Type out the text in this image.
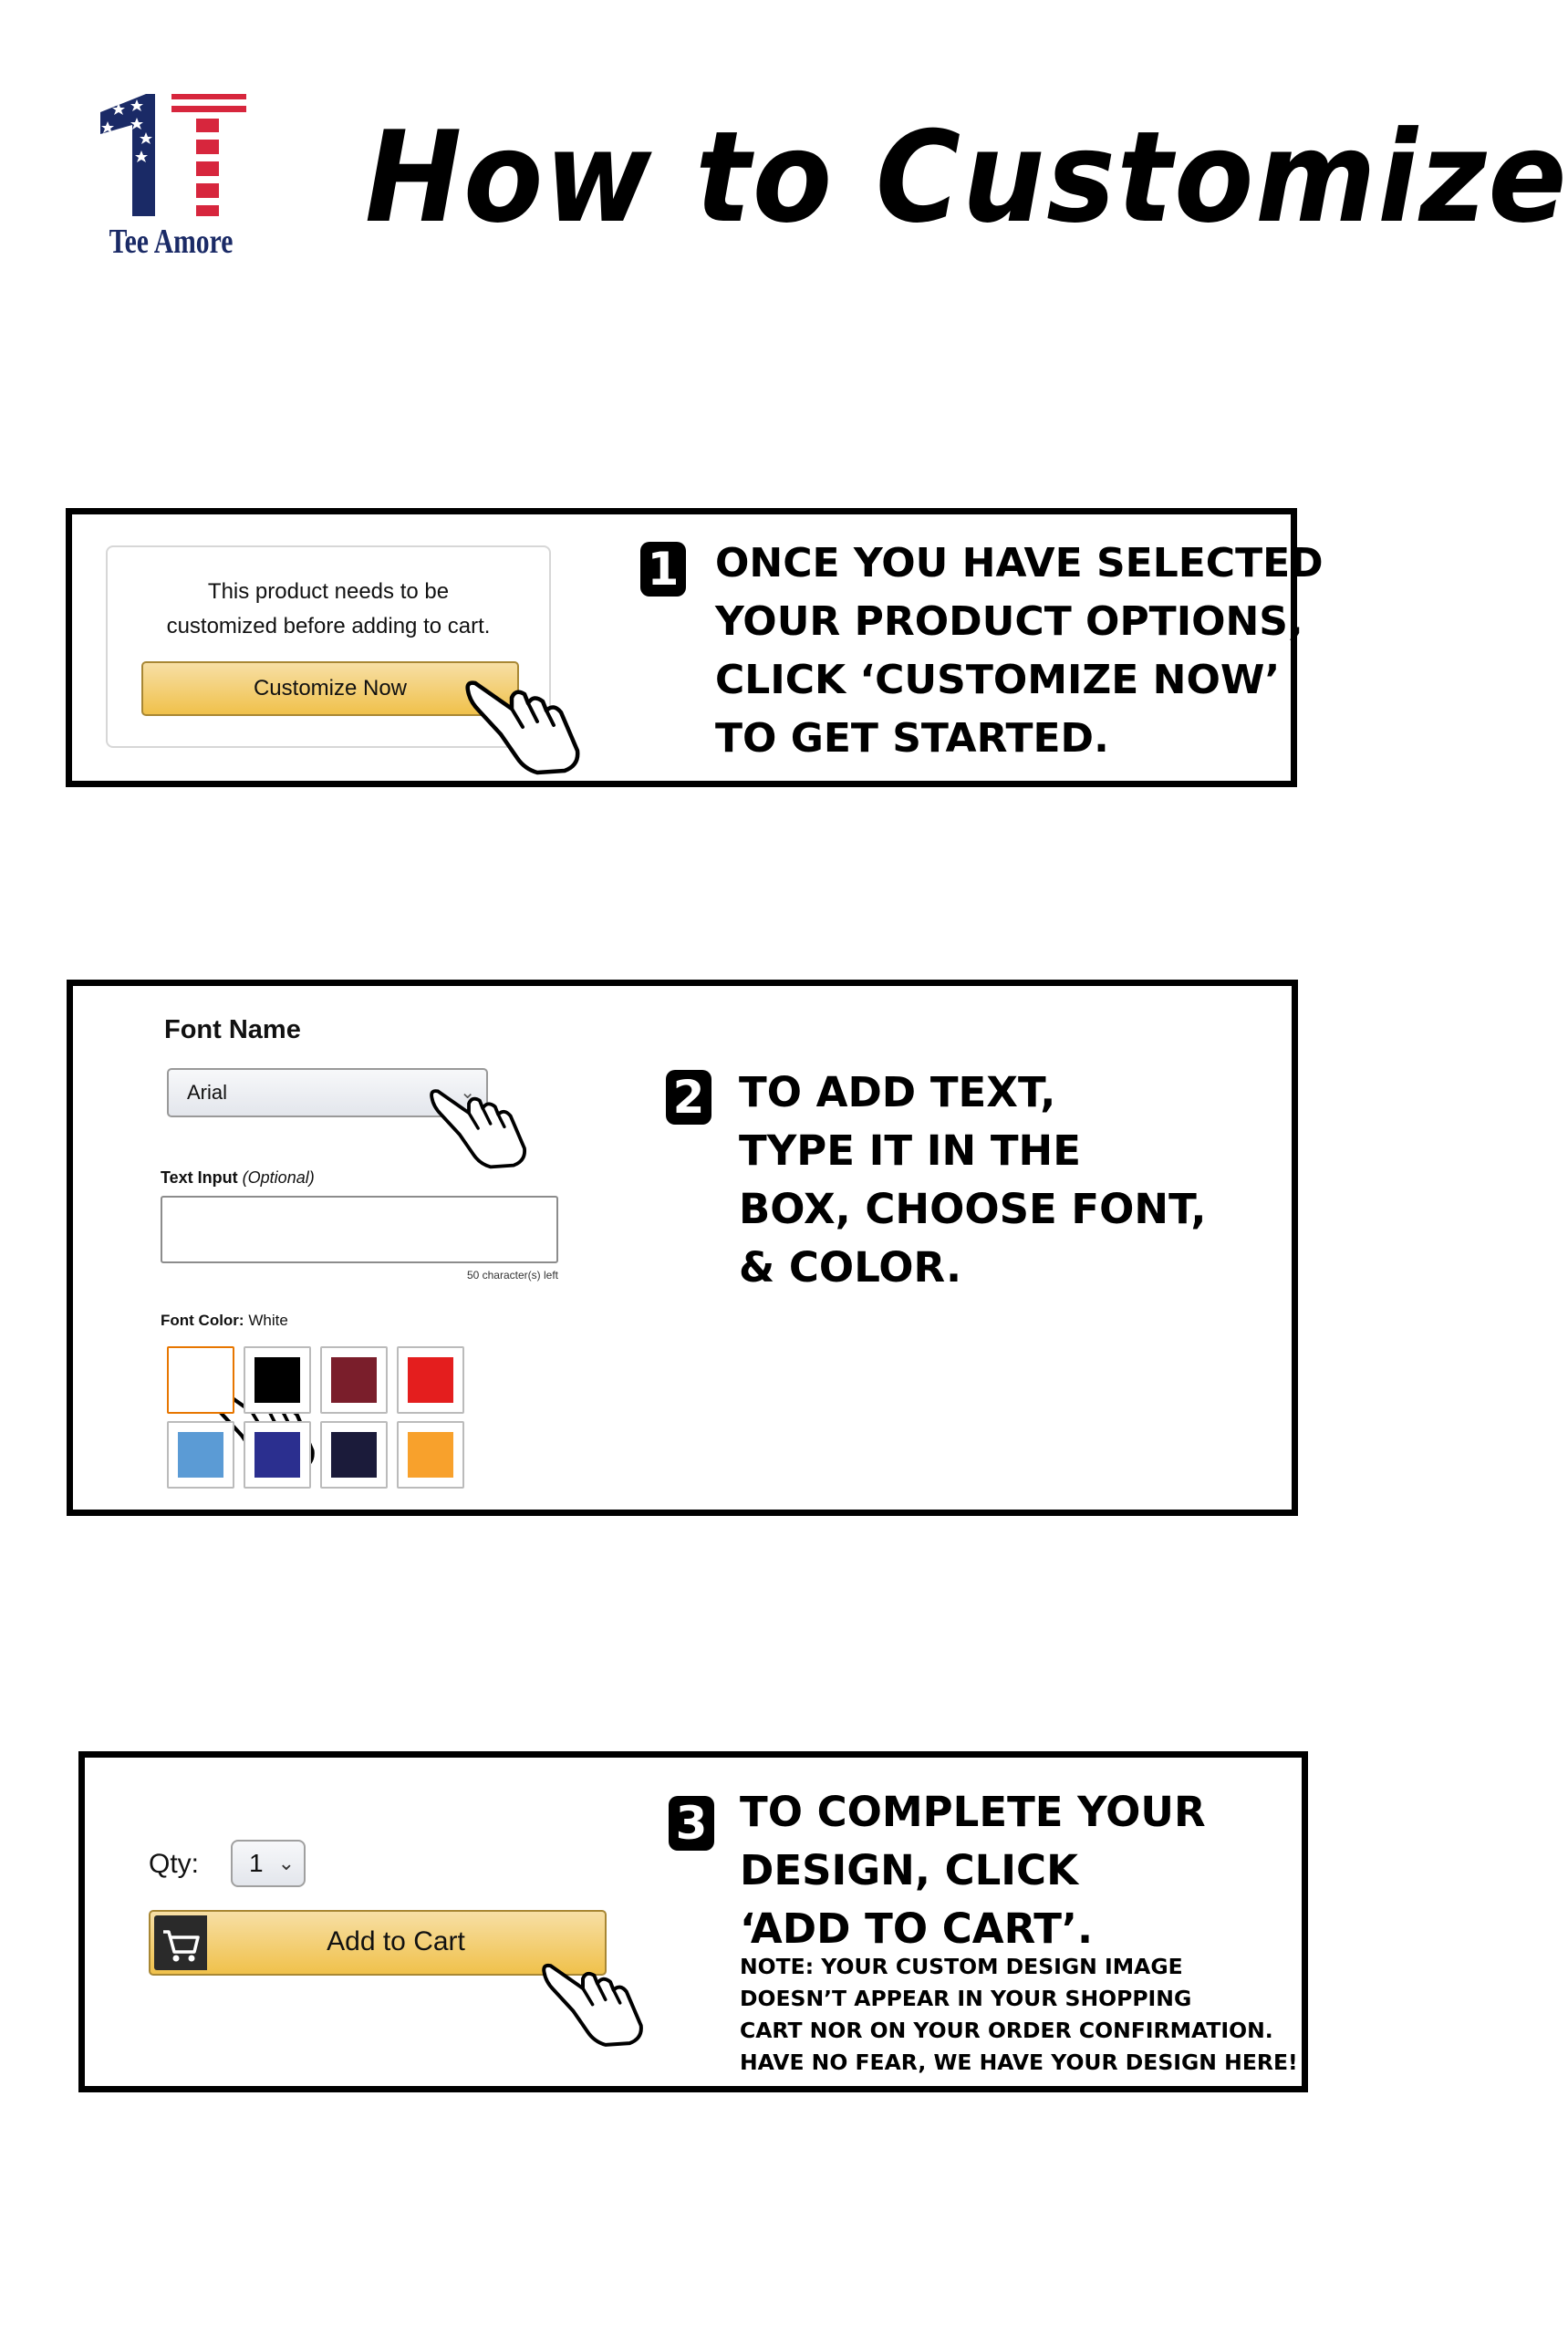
Tee Amore How to Customize
This product needs to be
customized before adding to cart.
Customize Now
1 ONCE YOU HAVE SELECTED
YOUR PRODUCT OPTIONS,
CLICK ‘CUSTOMIZE NOW’
TO GET STARTED.
Font Name
Arial	⌄
Text Input (Optional)
50 character(s) left
Font Color: White
2 TO ADD TEXT,
TYPE IT IN THE
BOX, CHOOSE FONT,
& COLOR.
Qty:	1 ⌄
Add to Cart
3 TO COMPLETE YOUR
DESIGN, CLICK
‘ADD TO CART’.
NOTE: YOUR CUSTOM DESIGN IMAGE
DOESN’T APPEAR IN YOUR SHOPPING
CART NOR ON YOUR ORDER CONFIRMATION.
HAVE NO FEAR, WE HAVE YOUR DESIGN HERE!
